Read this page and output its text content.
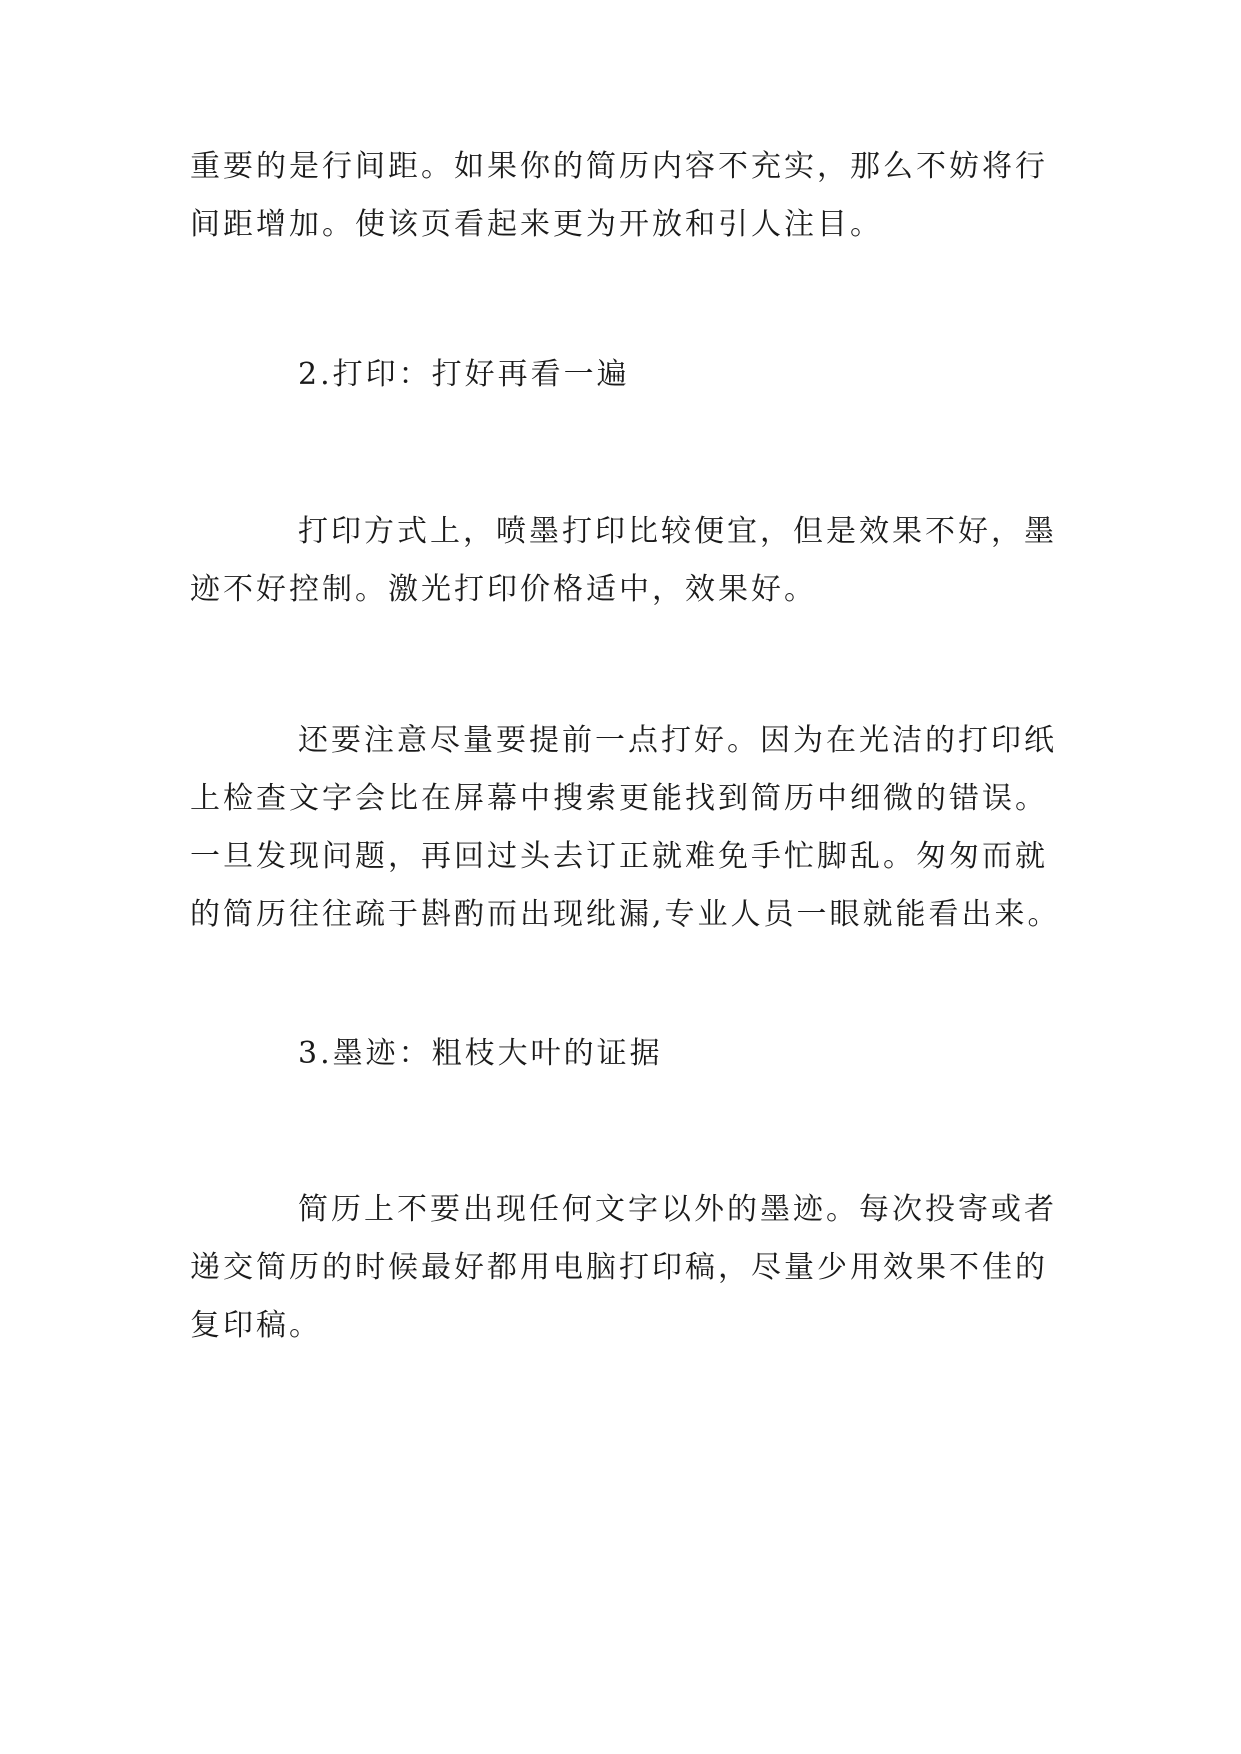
重要的是行间距。如果你的简历内容不充实，那么不妨将行
间距增加。使该页看起来更为开放和引人注目。
2.打印：打好再看一遍
打印方式上，喷墨打印比较便宜，但是效果不好，墨
迹不好控制。激光打印价格适中，效果好。
还要注意尽量要提前一点打好。因为在光洁的打印纸
上检查文字会比在屏幕中搜索更能找到简历中细微的错误。
一旦发现问题，再回过头去订正就难免手忙脚乱。匆匆而就
的简历往往疏于斟酌而出现纰漏,专业人员一眼就能看出来。
3.墨迹：粗枝大叶的证据
简历上不要出现任何文字以外的墨迹。每次投寄或者
递交简历的时候最好都用电脑打印稿，尽量少用效果不佳的
复印稿。
